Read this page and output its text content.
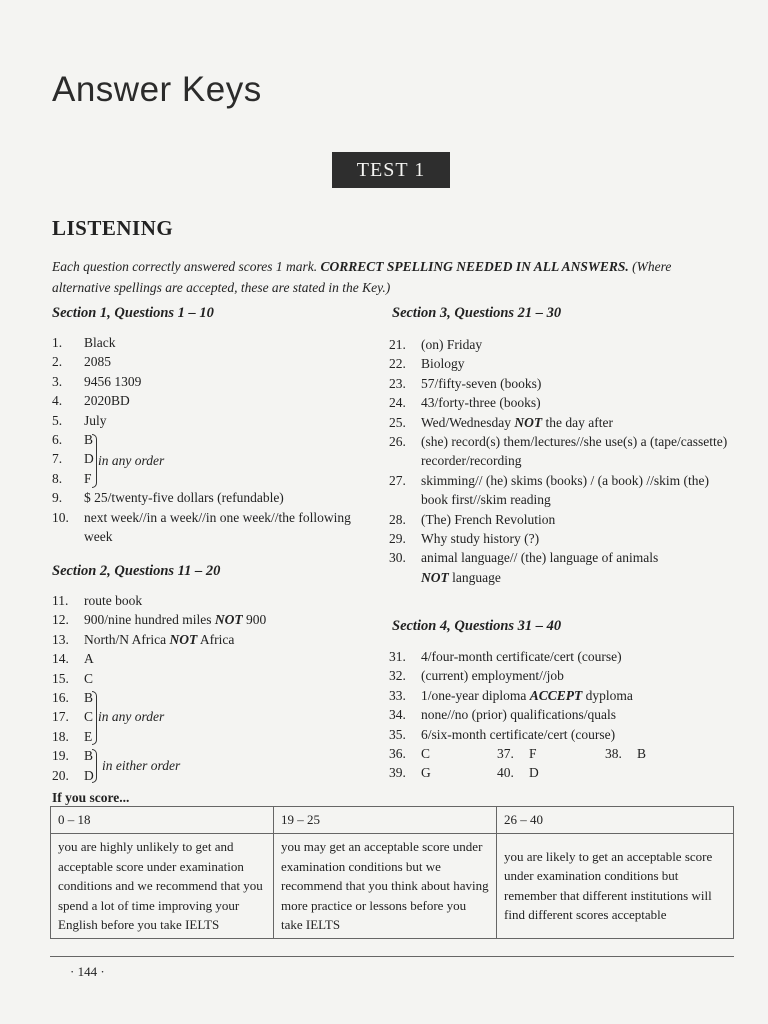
Answer Keys
TEST 1
LISTENING
Each question correctly answered scores 1 mark. CORRECT SPELLING NEEDED IN ALL ANSWERS. (Where alternative spellings are accepted, these are stated in the Key.)
Section 1, Questions 1 – 10
1.	Black
2.	2085
3.	9456 1309
4.	2020BD
5.	July
6.	B
7.	D
8.	F
9.	$ 25/twenty-five dollars (refundable)
10.	next week//in a week//in one week//the following week
in any order
Section 2, Questions 11 – 20
11.	route book
12.	900/nine hundred miles NOT 900
13.	North/N Africa NOT Africa
14.	A
15.	C
16.	B
17.	C
18.	E
19.	B
20.	D
in any order
in either order
Section 3, Questions 21 – 30
21.	(on) Friday
22.	Biology
23.	57/fifty-seven (books)
24.	43/forty-three (books)
25.	Wed/Wednesday NOT the day after
26.	(she) record(s) them/lectures//she use(s) a (tape/cassette) recorder/recording
27.	skimming// (he) skims (books) / (a book) //skim (the) book first//skim reading
28.	(The) French Revolution
29.	Why study history (?)
30.	animal language// (the) language of animals
NOT language
Section 4, Questions 31 – 40
31.	4/four-month certificate/cert (course)
32.	(current) employment//job
33.	1/one-year diploma ACCEPT dyploma
34.	none//no (prior) qualifications/quals
35.	6/six-month certificate/cert (course)
36. C	37. F	38. B
39. G	40. D
If you score...
0 – 18	19 – 25	26 – 40
you are highly unlikely to get and acceptable score under examination conditions and we recommend that you spend a lot of time improving your English before you take IELTS	you may get an acceptable score under examination conditions but we recommend that you think about having more practice or lessons before you take IELTS	you are likely to get an acceptable score under examination conditions but remember that different institutions will find different scores acceptable
· 144 ·
